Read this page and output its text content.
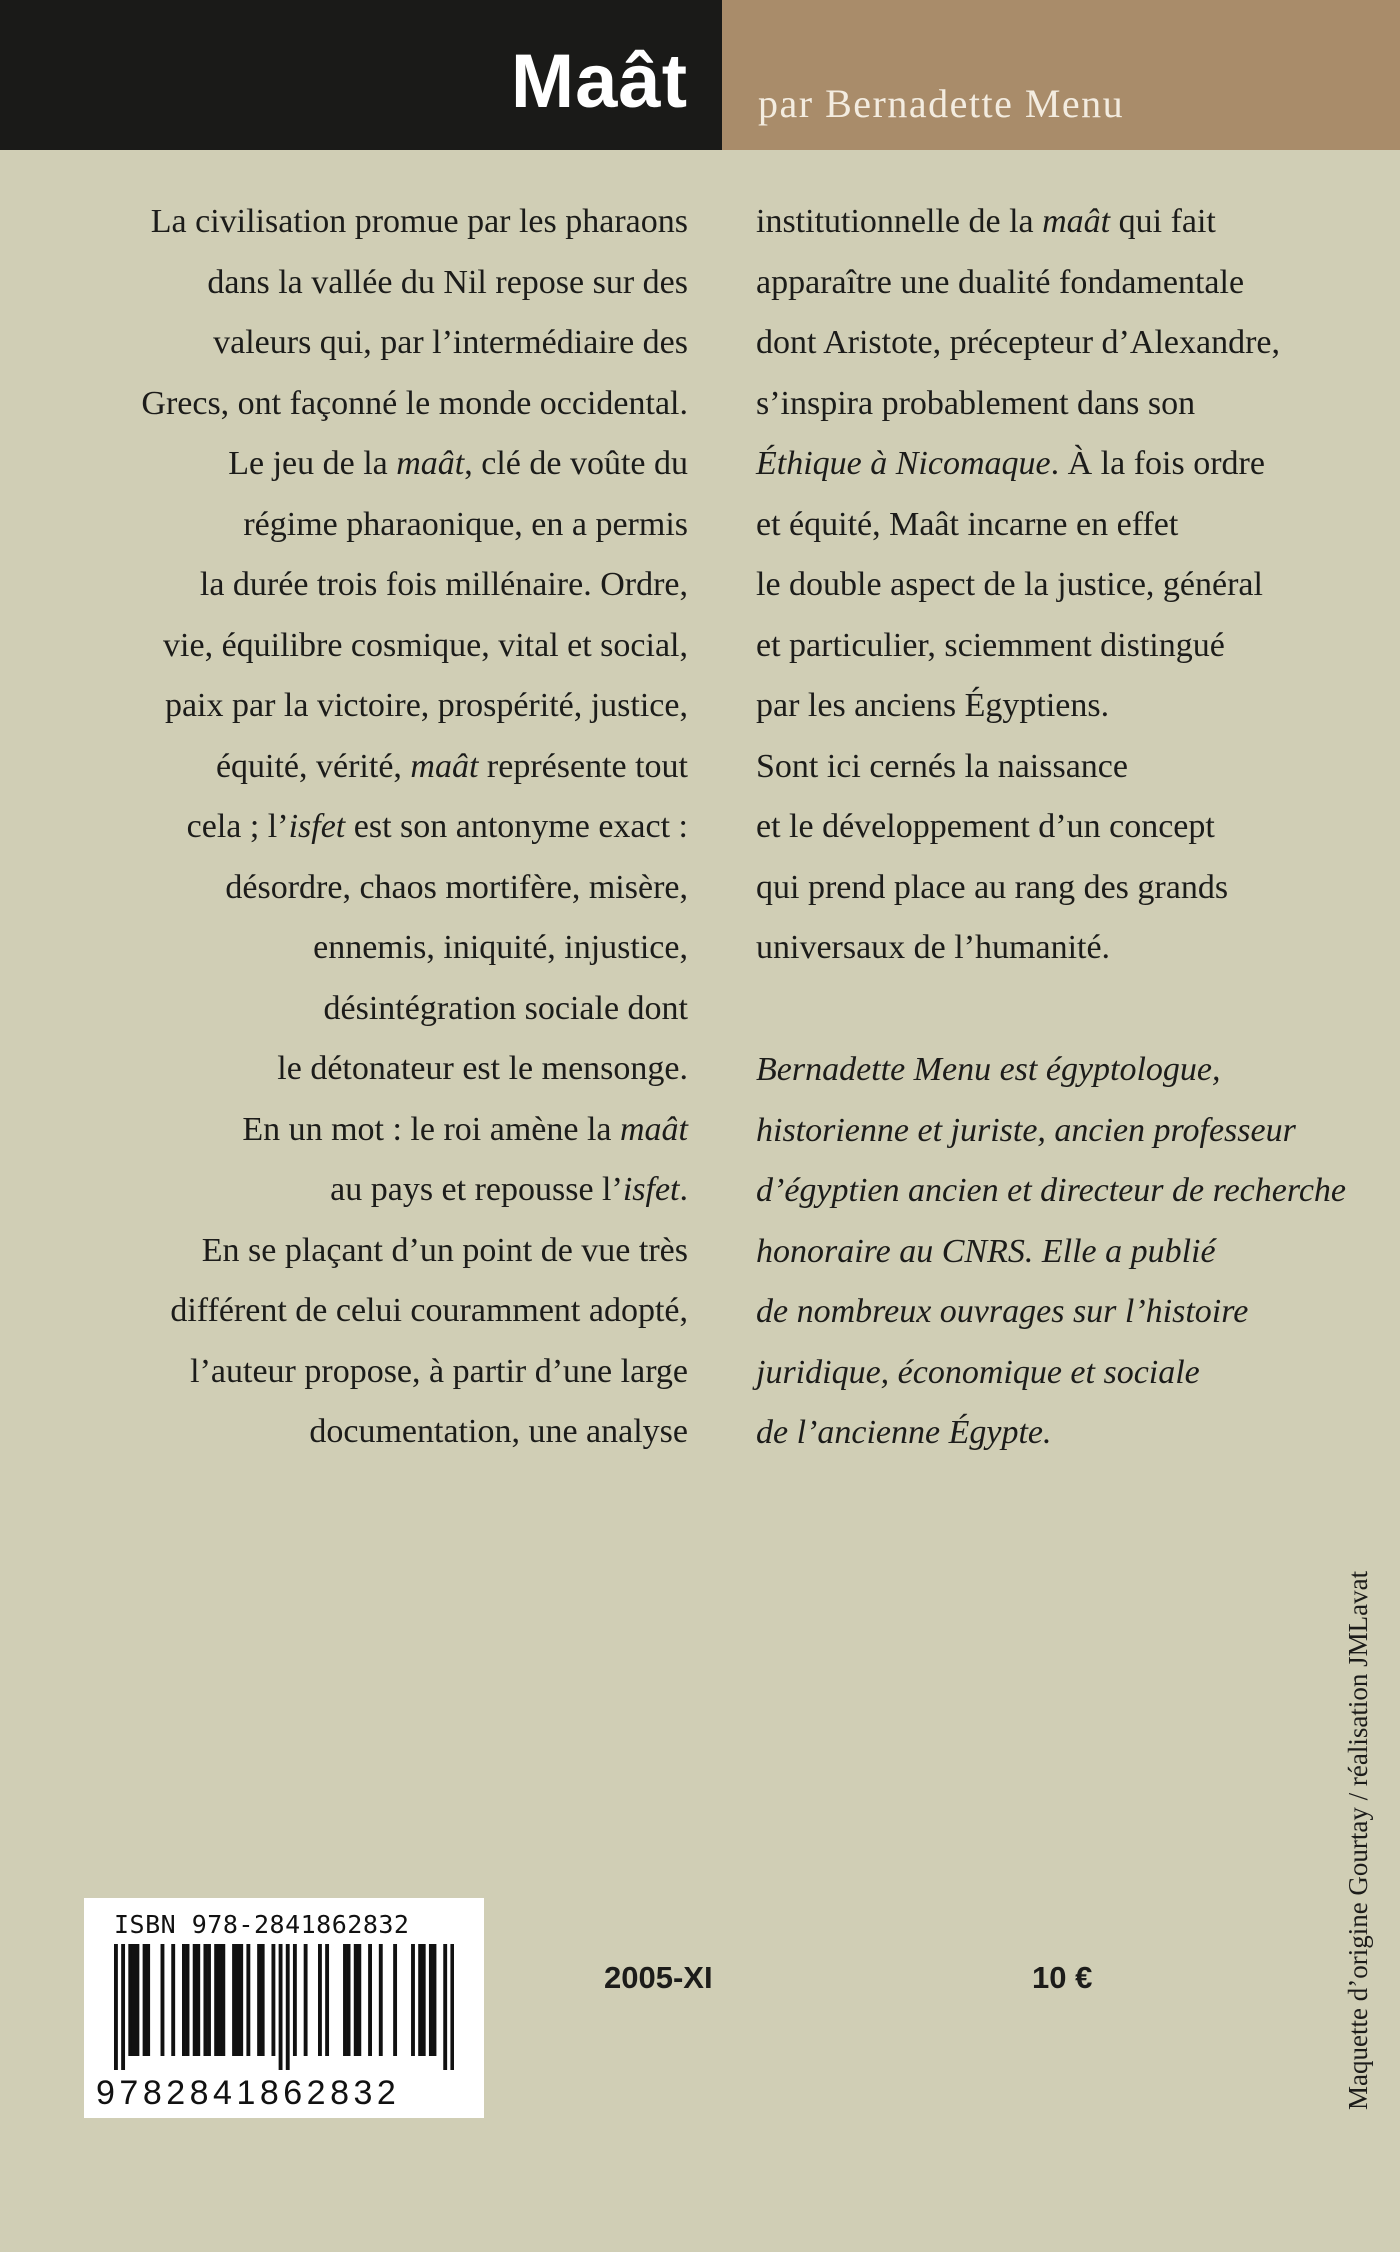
Maât par Bernadette Menu
La civilisation promue par les pharaons
dans la vallée du Nil repose sur des
valeurs qui, par l’intermédiaire des
Grecs, ont façonné le monde occidental.
Le jeu de la maât, clé de voûte du
régime pharaonique, en a permis
la durée trois fois millénaire. Ordre,
vie, équilibre cosmique, vital et social,
paix par la victoire, prospérité, justice,
équité, vérité, maât représente tout
cela ; l’isfet est son antonyme exact :
désordre, chaos mortifère, misère,
ennemis, iniquité, injustice,
désintégration sociale dont
le détonateur est le mensonge.
En un mot : le roi amène la maât
au pays et repousse l’isfet.
En se plaçant d’un point de vue très
différent de celui couramment adopté,
l’auteur propose, à partir d’une large
documentation, une analyse
institutionnelle de la maât qui fait
apparaître une dualité fondamentale
dont Aristote, précepteur d’Alexandre,
s’inspira probablement dans son
Éthique à Nicomaque. À la fois ordre
et équité, Maât incarne en effet
le double aspect de la justice, général
et particulier, sciemment distingué
par les anciens Égyptiens.
Sont ici cernés la naissance
et le développement d’un concept
qui prend place au rang des grands
universaux de l’humanité.
Bernadette Menu est égyptologue,
historienne et juriste, ancien professeur
d’égyptien ancien et directeur de recherche
honoraire au CNRS. Elle a publié
de nombreux ouvrages sur l’histoire
juridique, économique et sociale
de l’ancienne Égypte.
ISBN 978-2841862832
9782841862832
2005-XI	10 €	Maquette d’origine Gourtay / réalisation JMLavat
